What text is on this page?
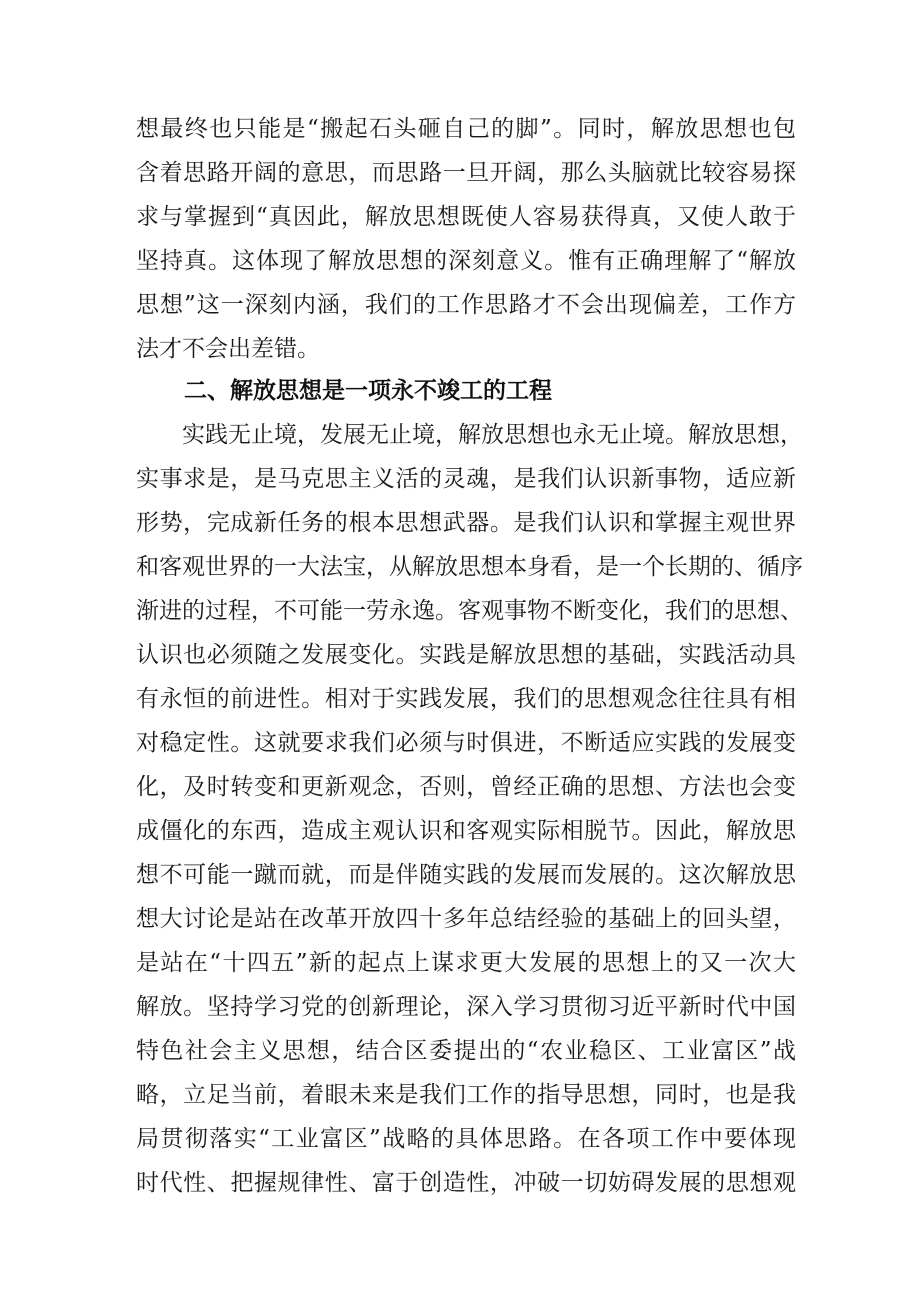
想最终也只能是“搬起石头砸自己的脚”。同时，解放思想也包

含着思路开阔的意思，而思路一旦开阔，那么头脑就比较容易探

求与掌握到“真因此，解放思想既使人容易获得真，又使人敢于

坚持真。这体现了解放思想的深刻意义。惟有正确理解了“解放

思想”这一深刻内涵，我们的工作思路才不会出现偏差，工作方

法才不会出差错。

二、解放思想是一项永不竣工的工程

　　实践无止境，发展无止境，解放思想也永无止境。解放思想，

实事求是，是马克思主义活的灵魂，是我们认识新事物，适应新

形势，完成新任务的根本思想武器。是我们认识和掌握主观世界

和客观世界的一大法宝，从解放思想本身看，是一个长期的、循序

渐进的过程，不可能一劳永逸。客观事物不断变化，我们的思想、

认识也必须随之发展变化。实践是解放思想的基础，实践活动具

有永恒的前进性。相对于实践发展，我们的思想观念往往具有相

对稳定性。这就要求我们必须与时俱进，不断适应实践的发展变

化，及时转变和更新观念，否则，曾经正确的思想、方法也会变

成僵化的东西，造成主观认识和客观实际相脱节。因此，解放思

想不可能一蹴而就，而是伴随实践的发展而发展的。这次解放思

想大讨论是站在改革开放四十多年总结经验的基础上的回头望，

是站在“十四五”新的起点上谋求更大发展的思想上的又一次大

解放。坚持学习党的创新理论，深入学习贯彻习近平新时代中国

特色社会主义思想，结合区委提出的“农业稳区、工业富区”战

略，立足当前，着眼未来是我们工作的指导思想，同时，也是我

局贯彻落实“工业富区”战略的具体思路。在各项工作中要体现

时代性、把握规律性、富于创造性，冲破一切妨碍发展的思想观
